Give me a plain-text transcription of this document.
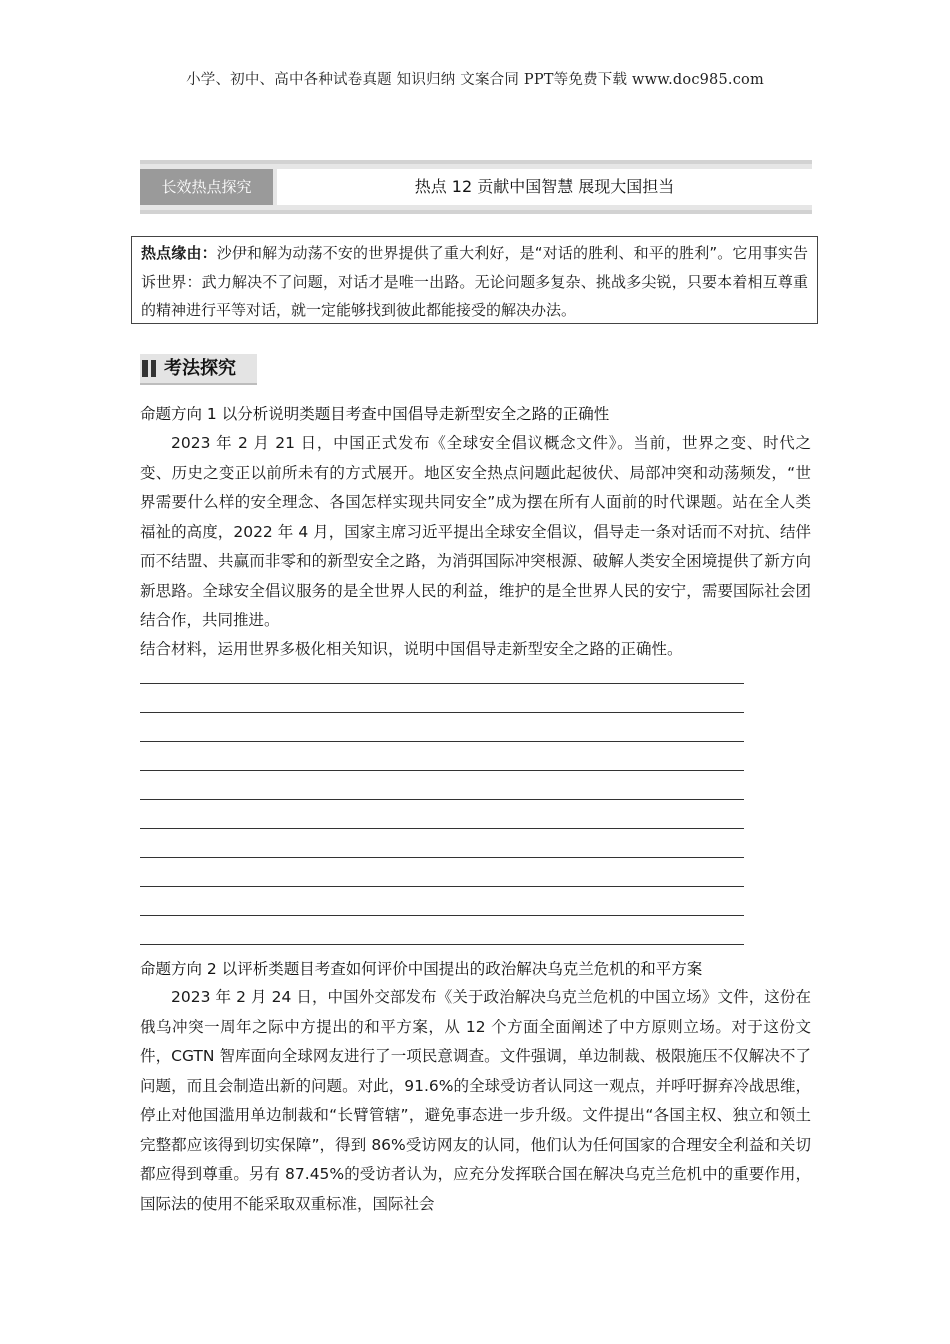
小学、初中、高中各种试卷真题 知识归纳 文案合同 PPT等免费下载 www.doc985.com
长效热点探究	热点 12 贡献中国智慧 展现大国担当
热点缘由：沙伊和解为动荡不安的世界提供了重大利好，是“对话的胜利、和平的胜利”。它用事实告诉世界：武力解决不了问题，对话才是唯一出路。无论问题多复杂、挑战多尖锐，只要本着相互尊重的精神进行平等对话，就一定能够找到彼此都能接受的解决办法。
考法探究
命题方向 1 以分析说明类题目考查中国倡导走新型安全之路的正确性

2023 年 2 月 21 日，中国正式发布《全球安全倡议概念文件》。当前，世界之变、时代之变、历史之变正以前所未有的方式展开。地区安全热点问题此起彼伏、局部冲突和动荡频发，“世界需要什么样的安全理念、各国怎样实现共同安全”成为摆在所有人面前的时代课题。站在全人类福祉的高度，2022 年 4 月，国家主席习近平提出全球安全倡议，倡导走一条对话而不对抗、结伴而不结盟、共赢而非零和的新型安全之路，为消弭国际冲突根源、破解人类安全困境提供了新方向新思路。全球安全倡议服务的是全世界人民的利益，维护的是全世界人民的安宁，需要国际社会团结合作，共同推进。

结合材料，运用世界多极化相关知识，说明中国倡导走新型安全之路的正确性。
命题方向 2 以评析类题目考查如何评价中国提出的政治解决乌克兰危机的和平方案

2023 年 2 月 24 日，中国外交部发布《关于政治解决乌克兰危机的中国立场》文件，这份在俄乌冲突一周年之际中方提出的和平方案，从 12 个方面全面阐述了中方原则立场。对于这份文件，CGTN 智库面向全球网友进行了一项民意调查。文件强调，单边制裁、极限施压不仅解决不了问题，而且会制造出新的问题。对此，91.6%的全球受访者认同这一观点，并呼吁摒弃冷战思维，停止对他国滥用单边制裁和“长臂管辖”，避免事态进一步升级。文件提出“各国主权、独立和领土完整都应该得到切实保障”，得到 86%受访网友的认同，他们认为任何国家的合理安全利益和关切都应得到尊重。另有 87.45%的受访者认为，应充分发挥联合国在解决乌克兰危机中的重要作用，国际法的使用不能采取双重标准，国际社会
